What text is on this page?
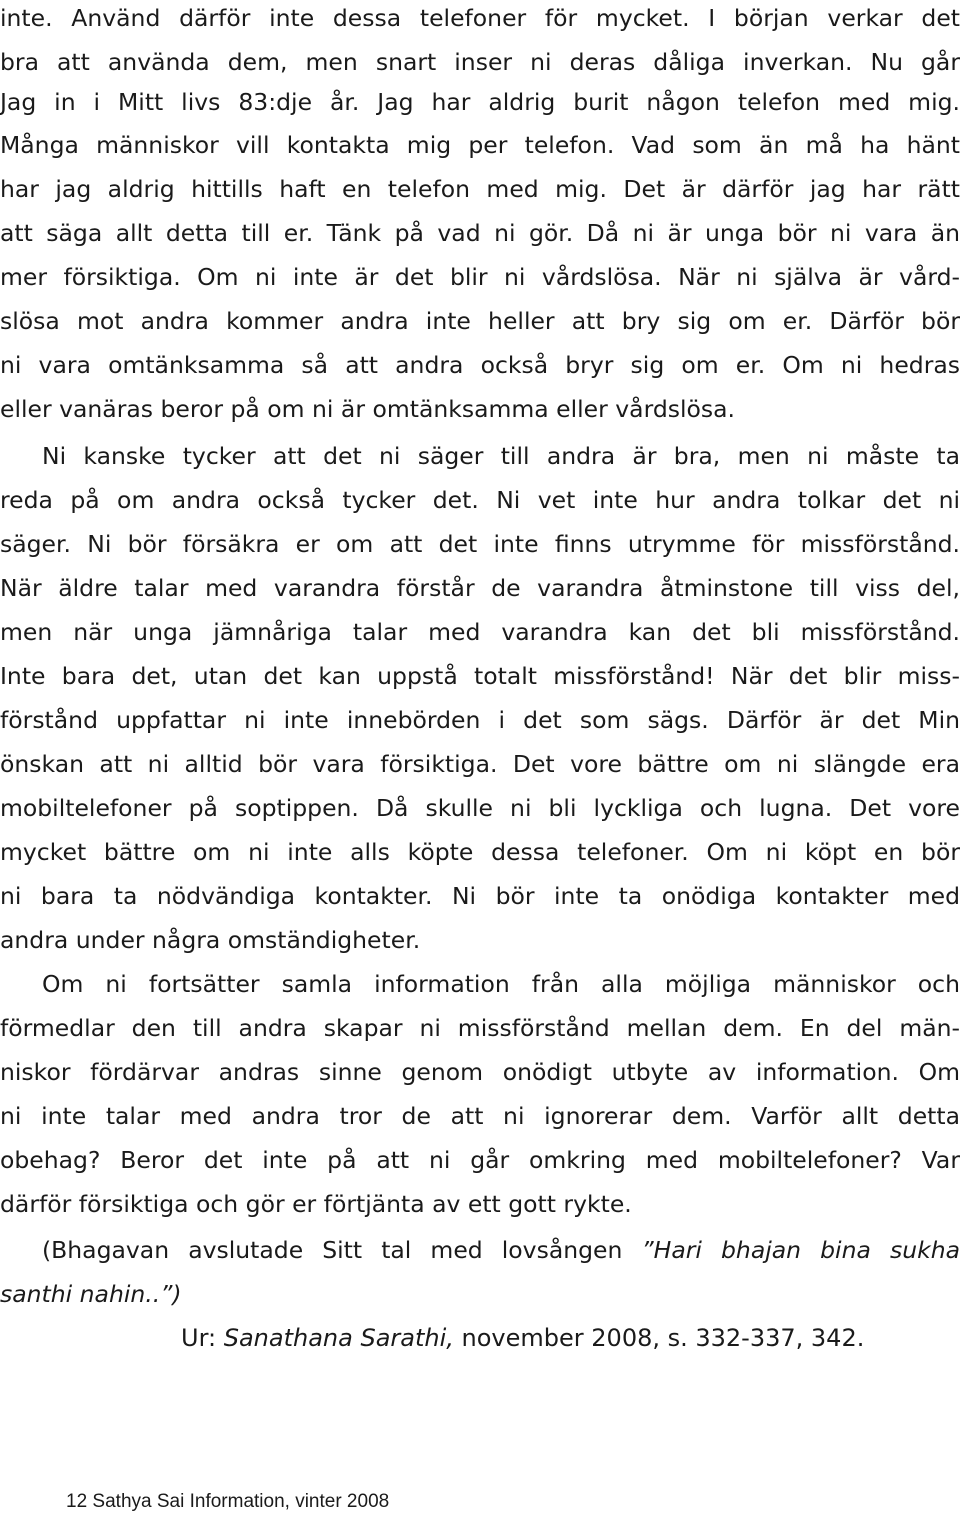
inte. Använd därför inte dessa telefoner för mycket. I början verkar det
bra att använda dem, men snart inser ni deras dåliga inverkan. Nu går
Jag in i Mitt livs 83:dje år. Jag har aldrig burit någon telefon med mig.
Många människor vill kontakta mig per telefon. Vad som än må ha hänt
har jag aldrig hittills haft en telefon med mig. Det är därför jag har rätt
att säga allt detta till er. Tänk på vad ni gör. Då ni är unga bör ni vara än
mer försiktiga. Om ni inte är det blir ni vårdslösa. När ni själva är vård-
slösa mot andra kommer andra inte heller att bry sig om er. Därför bör
ni vara omtänksamma så att andra också bryr sig om er. Om ni hedras
eller vanäras beror på om ni är omtänksamma eller vårdslösa.
Ni kanske tycker att det ni säger till andra är bra, men ni måste ta
reda på om andra också tycker det. Ni vet inte hur andra tolkar det ni
säger. Ni bör försäkra er om att det inte finns utrymme för missförstånd.
När äldre talar med varandra förstår de varandra åtminstone till viss del,
men när unga jämnåriga talar med varandra kan det bli missförstånd.
Inte bara det, utan det kan uppstå totalt missförstånd! När det blir miss-
förstånd uppfattar ni inte innebörden i det som sägs. Därför är det Min
önskan att ni alltid bör vara försiktiga. Det vore bättre om ni slängde era
mobiltelefoner på soptippen. Då skulle ni bli lyckliga och lugna. Det vore
mycket bättre om ni inte alls köpte dessa telefoner. Om ni köpt en bör
ni bara ta nödvändiga kontakter. Ni bör inte ta onödiga kontakter med
andra under några omständigheter.
Om ni fortsätter samla information från alla möjliga människor och
förmedlar den till andra skapar ni missförstånd mellan dem. En del män-
niskor fördärvar andras sinne genom onödigt utbyte av information. Om
ni inte talar med andra tror de att ni ignorerar dem. Varför allt detta
obehag? Beror det inte på att ni går omkring med mobiltelefoner? Var
därför försiktiga och gör er förtjänta av ett gott rykte.
(Bhagavan avslutade Sitt tal med lovsången ”Hari bhajan bina sukha
santhi nahin..”)
Ur: Sanathana Sarathi, november 2008, s. 332-337, 342.
12 Sathya Sai Information, vinter 2008
